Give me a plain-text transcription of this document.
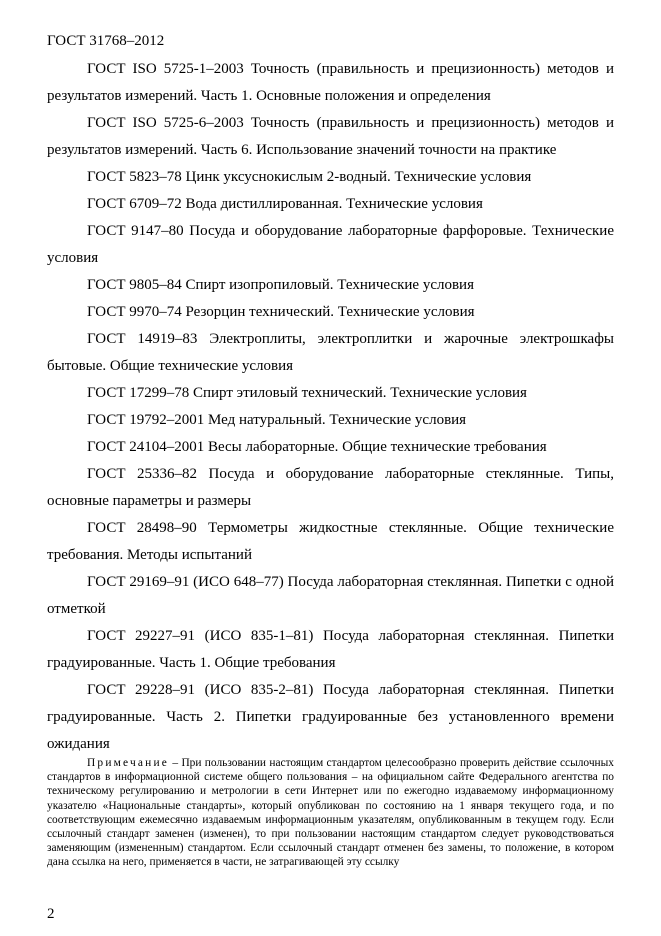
ГОСТ 31768–2012

ГОСТ ISO 5725-1–2003 Точность (правильность и прецизионность) методов и результатов измерений. Часть 1. Основные положения и определения

ГОСТ ISO 5725-6–2003 Точность (правильность и прецизионность) методов и результатов измерений. Часть 6. Использование значений точности на практике

ГОСТ 5823–78 Цинк уксуснокислым 2-водный. Технические условия

ГОСТ 6709–72 Вода дистиллированная. Технические условия

ГОСТ 9147–80 Посуда и оборудование лабораторные фарфоровые. Технические условия

ГОСТ 9805–84 Спирт изопропиловый. Технические условия

ГОСТ 9970–74 Резорцин технический. Технические условия

ГОСТ 14919–83 Электроплиты, электроплитки и жарочные электрошкафы бытовые. Общие технические условия

ГОСТ 17299–78 Спирт этиловый технический. Технические условия

ГОСТ 19792–2001 Мед натуральный. Технические условия

ГОСТ 24104–2001 Весы лабораторные. Общие технические требования

ГОСТ 25336–82 Посуда и оборудование лабораторные стеклянные. Типы, основные параметры и размеры

ГОСТ 28498–90 Термометры жидкостные стеклянные. Общие технические требования. Методы испытаний

ГОСТ 29169–91 (ИСО 648–77) Посуда лабораторная стеклянная. Пипетки с одной отметкой

ГОСТ 29227–91 (ИСО 835-1–81) Посуда лабораторная стеклянная. Пипетки градуированные. Часть 1. Общие требования

ГОСТ 29228–91 (ИСО 835-2–81) Посуда лабораторная стеклянная. Пипетки градуированные. Часть 2. Пипетки градуированные без установленного времени ожидания

Примечание – При пользовании настоящим стандартом целесообразно проверить действие ссылочных стандартов в информационной системе общего пользования – на официальном сайте Федерального агентства по техническому регулированию и метрологии в сети Интернет или по ежегодно издаваемому информационному указателю «Национальные стандарты», который опубликован по состоянию на 1 января текущего года, и по соответствующим ежемесячно издаваемым информационным указателям, опубликованным в текущем году. Если ссылочный стандарт заменен (изменен), то при пользовании настоящим стандартом следует руководствоваться заменяющим (измененным) стандартом. Если ссылочный стандарт отменен без замены, то положение, в котором дана ссылка на него, применяется в части, не затрагивающей эту ссылку

2
